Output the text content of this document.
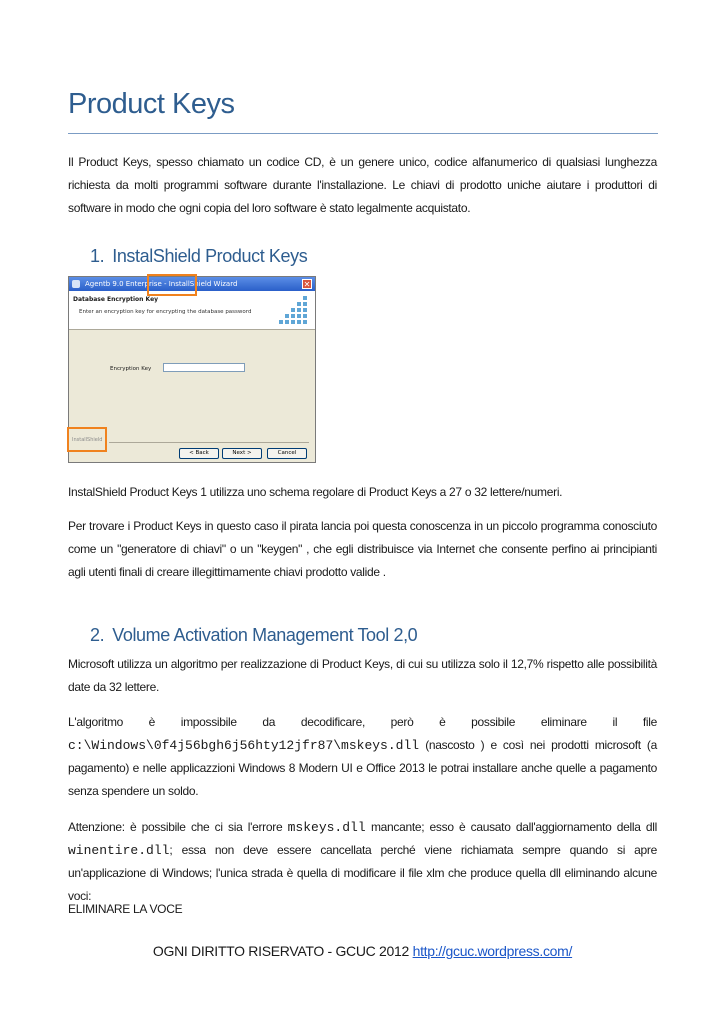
Product Keys

Il Product Keys, spesso chiamato un codice CD, è un genere unico, codice alfanumerico di qualsiasi lunghezza richiesta da molti programmi software durante l'installazione. Le chiavi di prodotto uniche aiutare i produttori di software in modo che ogni copia del loro software è stato legalmente acquistato.

1. InstalShield Product Keys
Agentb 9.0 Enterprise - InstallShield Wizard	✕
Database Encryption Key
Enter an encryption key for encrypting the database password
Encryption Key
InstallShield
< Back	Next >	Cancel

InstalShield Product Keys 1 utilizza uno schema regolare di Product Keys a 27 o 32 lettere/numeri.

Per trovare i Product Keys in questo caso il pirata lancia poi questa conoscenza in un piccolo programma conosciuto come un "generatore di chiavi" o un "keygen" , che egli distribuisce via Internet che consente perfino ai principianti agli utenti finali di creare illegittimamente chiavi prodotto valide .

2. Volume Activation Management Tool 2,0

Microsoft utilizza un algoritmo per realizzazione di Product Keys, di cui su utilizza solo il 12,7% rispetto alle possibilità date da 32 lettere.

L'algoritmo è impossibile da decodificare, però è possibile eliminare il file c:\Windows\0f4j56bgh6j56hty12jfr87\mskeys.dll (nascosto ) e così nei prodotti microsoft (a pagamento) e nelle applicazzioni Windows 8 Modern UI e Office 2013 le potrai installare anche quelle a pagamento senza spendere un soldo.

Attenzione: è possibile che ci sia l'errore mskeys.dll mancante; esso è causato dall'aggiornamento della dll winentire.dll; essa non deve essere cancellata perché viene richiamata sempre quando si apre un'applicazione di Windows; l'unica strada è quella di modificare il file xlm che produce quella dll eliminando alcune voci:

ELIMINARE LA VOCE

OGNI DIRITTO RISERVATO - GCUC 2012 http://gcuc.wordpress.com/
